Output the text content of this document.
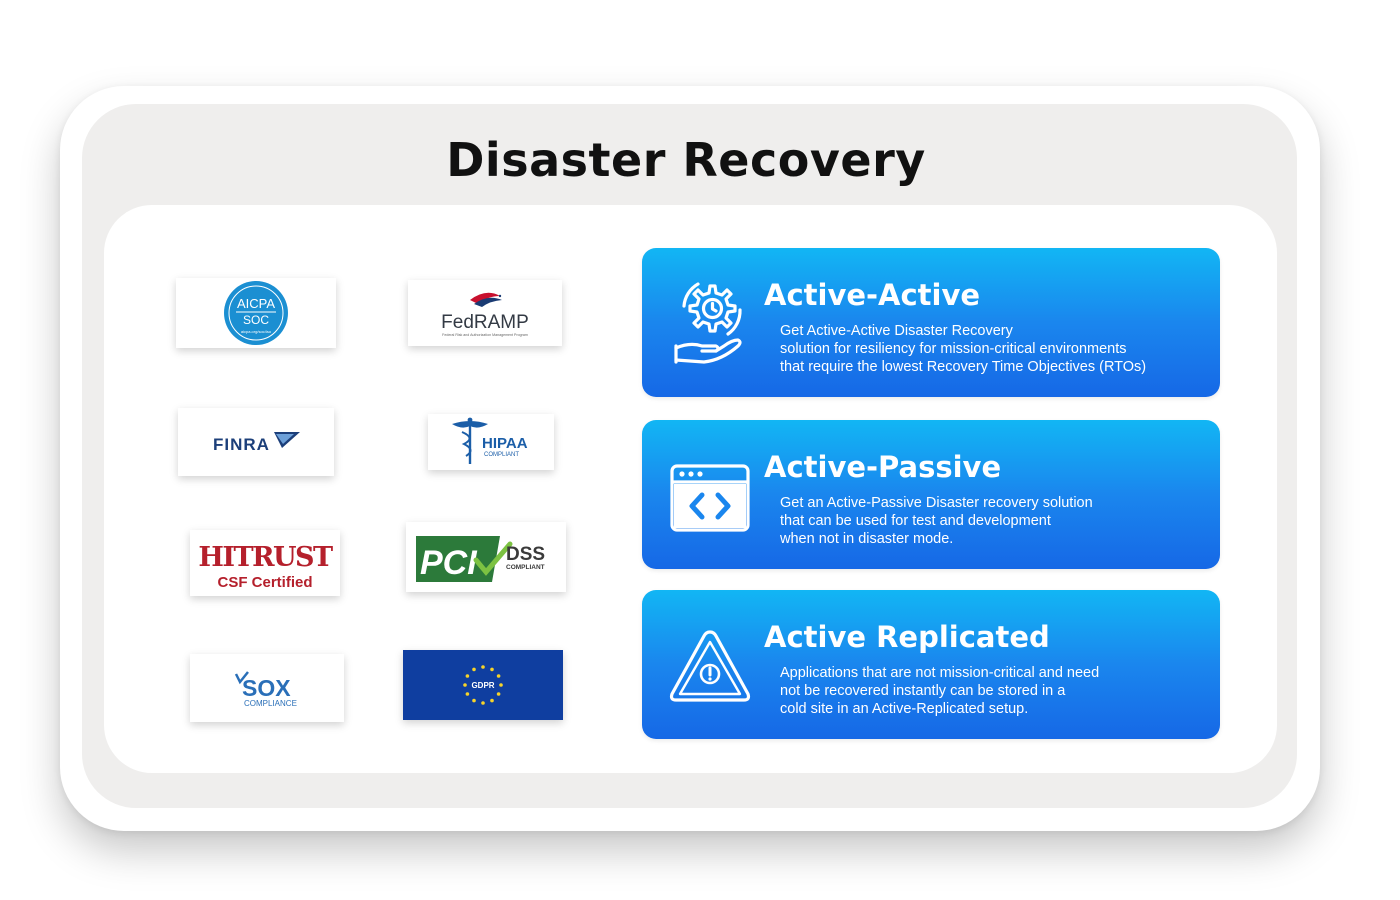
Disaster Recovery
AICPA
SOC
aicpa.org/soc4so	FedRAMP
Federal Risk and Authorization Management Program
FINRA	HIPAA
COMPLIANT
HITRUST
CSF Certified
PCI DSS
COMPLIANT
SOX
COMPLIANCE
GDPR
Active-Active
Get Active-Active Disaster Recovery
solution for resiliency for mission-critical environments
that require the lowest Recovery Time Objectives (RTOs)
Active-Passive
Get an Active-Passive Disaster recovery solution
that can be used for test and development
when not in disaster mode.
Active Replicated
Applications that are not mission-critical and need
not be recovered instantly can be stored in a
cold site in an Active-Replicated setup.
